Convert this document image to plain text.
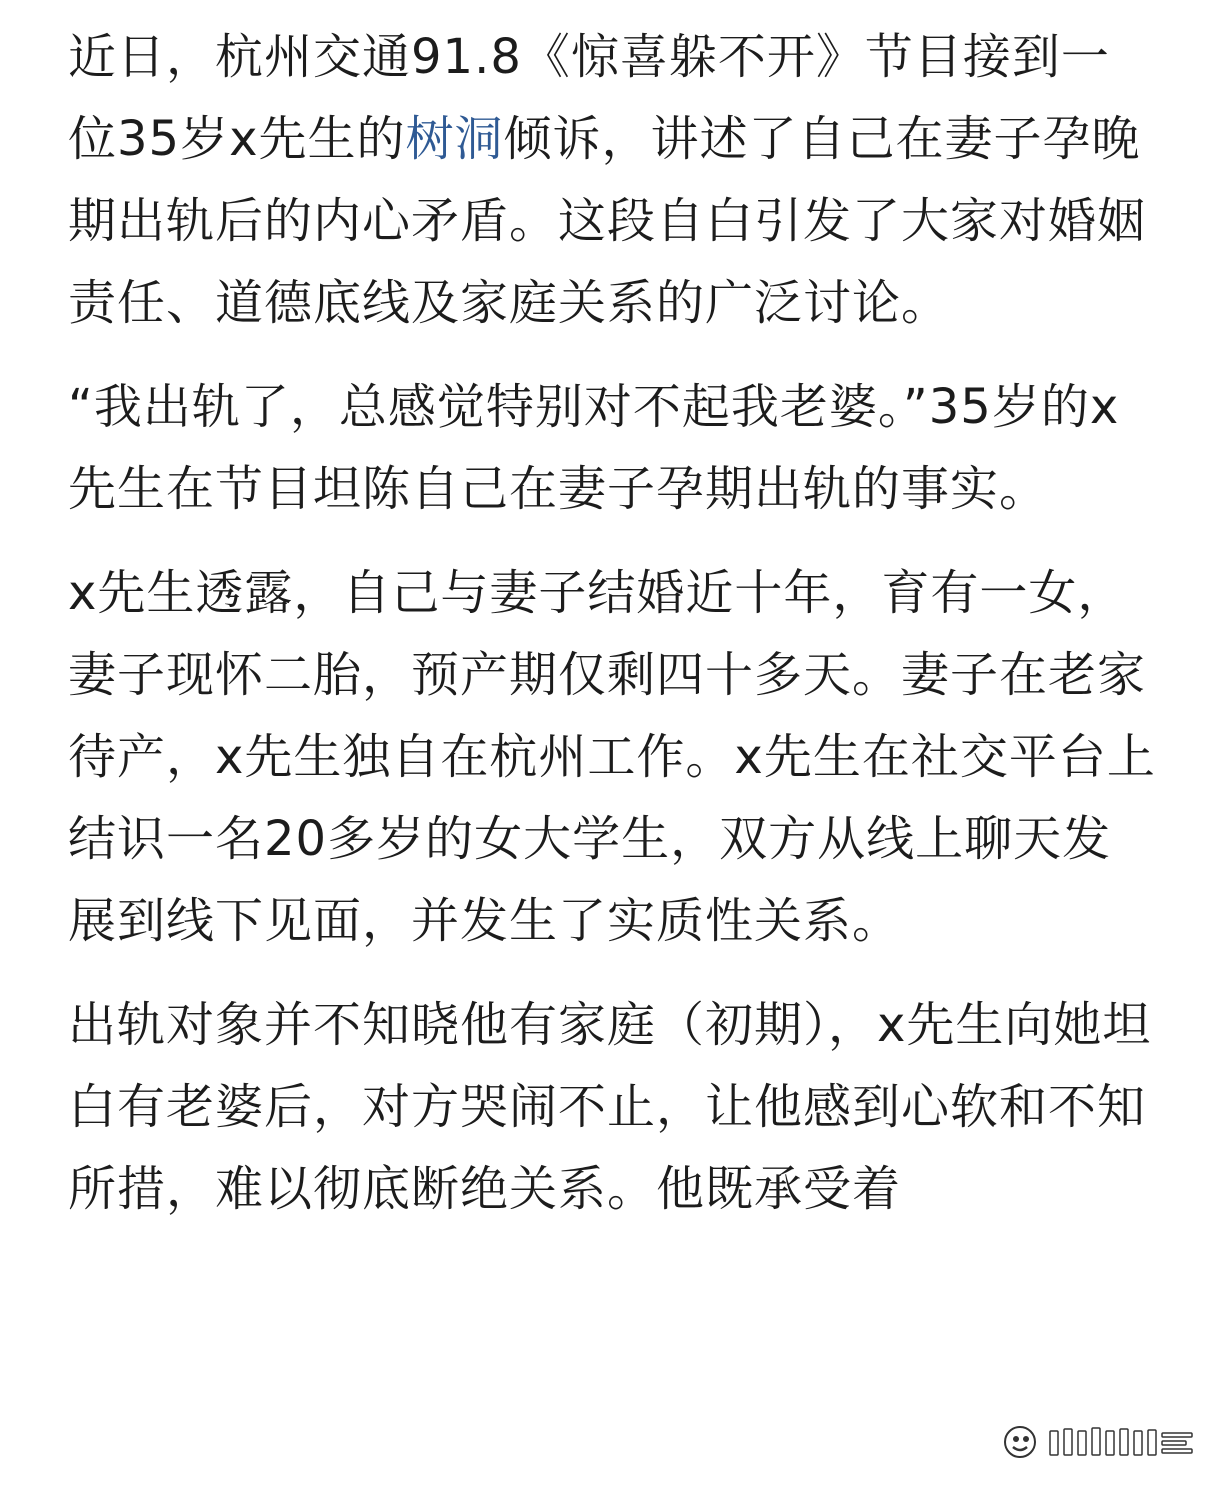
近日，杭州交通91.8《惊喜躲不开》节目接到一位35岁x先生的树洞倾诉，讲述了自己在妻子孕晚期出轨后的内心矛盾。这段自白引发了大家对婚姻责任、道德底线及家庭关系的广泛讨论。

“我出轨了，总感觉特别对不起我老婆。”35岁的x先生在节目坦陈自己在妻子孕期出轨的事实。

x先生透露，自己与妻子结婚近十年，育有一女，妻子现怀二胎，预产期仅剩四十多天。妻子在老家待产，x先生独自在杭州工作。x先生在社交平台上结识一名20多岁的女大学生，双方从线上聊天发展到线下见面，并发生了实质性关系。

出轨对象并不知晓他有家庭（初期），x先生向她坦白有老婆后，对方哭闹不止，让他感到心软和不知所措，难以彻底断绝关系。他既承受着
